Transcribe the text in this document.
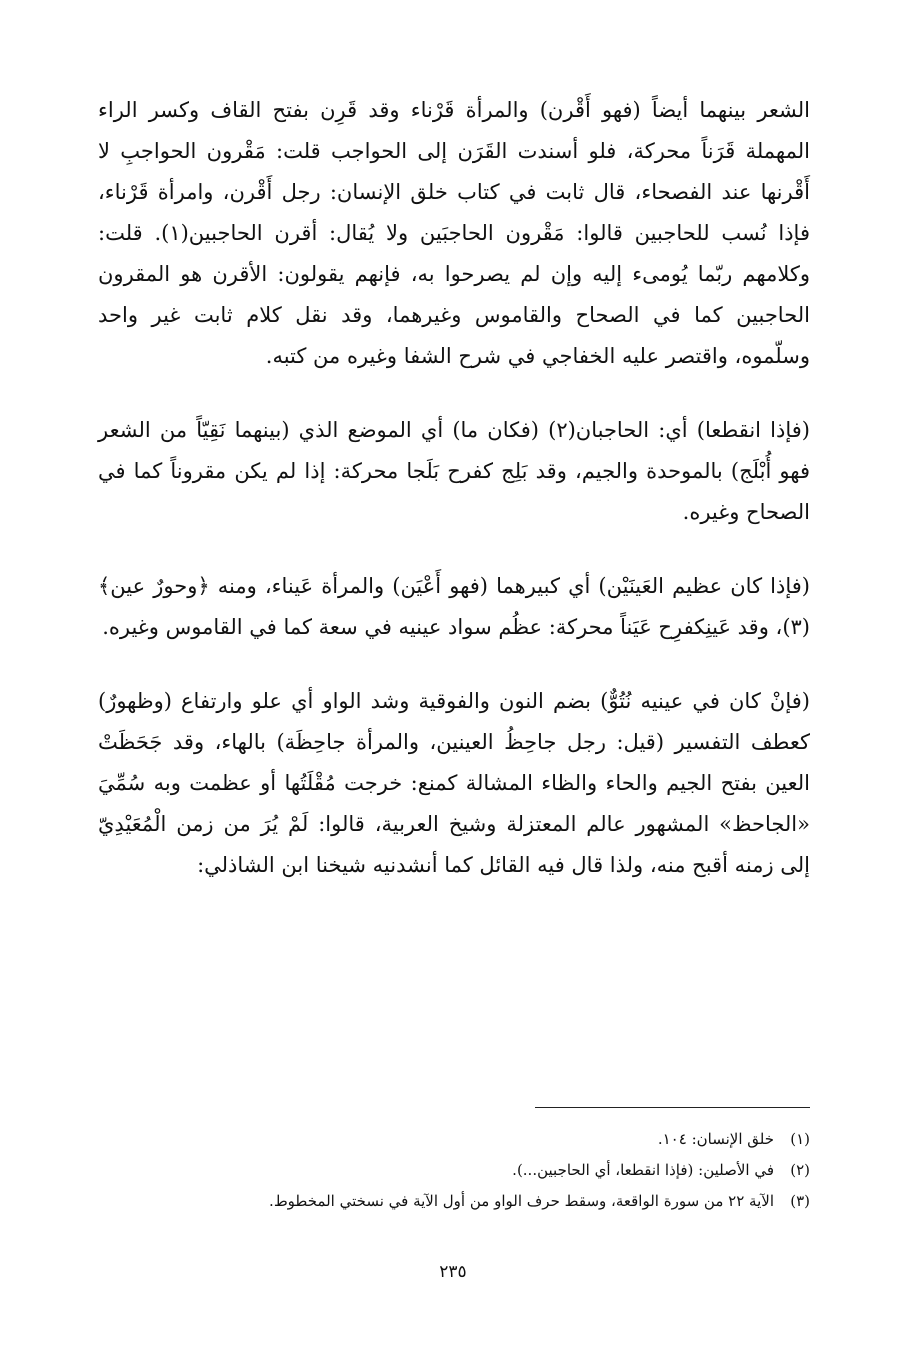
الشعر بينهما أيضاً (فهو أَقْرن) والمرأة قَرْناء وقد قَرِن بفتح القاف وكسر الراء المهملة قَرَناً محركة، فلو أسندت القَرَن إلى الحواجب قلت: مَقْرون الحواجبِ لا أَقْرنها عند الفصحاء، قال ثابت في كتاب خلق الإنسان: رجل أَقْرن، وامرأة قَرْناء، فإذا نُسب للحاجبين قالوا: مَقْرون الحاجبَين ولا يُقال: أقرن الحاجبين(١). قلت: وكلامهم ربّما يُومىء إليه وإن لم يصرحوا به، فإنهم يقولون: الأقرن هو المقرون الحاجبين كما في الصحاح والقاموس وغيرهما، وقد نقل كلام ثابت غير واحد وسلّموه، واقتصر عليه الخفاجي في شرح الشفا وغيره من كتبه.

(فإذا انقطعا) أي: الحاجبان(٢) (فكان ما) أي الموضع الذي (بينهما نَقِيّاً من الشعر فهو أُبْلَج) بالموحدة والجيم، وقد بَلِج كفرح بَلَجا محركة: إذا لم يكن مقروناً كما في الصحاح وغيره.

(فإذا كان عظيم العَينَيْن) أي كبيرهما (فهو أَعْيَن) والمرأة عَيناء، ومنه ﴿وحورٌ عين﴾(٣)، وقد عَينِكفرِح عَيَناً محركة: عظُم سواد عينيه في سعة كما في القاموس وغيره.

(فإنْ كان في عينيه نُتُوٌّ) بضم النون والفوقية وشد الواو أي علو وارتفاع (وظهورٌ) كعطف التفسير (قيل: رجل جاحِظُ العينين، والمرأة جاحِظَة) بالهاء، وقد جَحَظَتْ العين بفتح الجيم والحاء والظاء المشالة كمنع: خرجت مُقْلَتُها أو عظمت وبه سُمِّيَ «الجاحظ» المشهور عالم المعتزلة وشيخ العربية، قالوا: لَمْ يُرَ من زمن الْمُعَيْدِيّ إلى زمنه أقبح منه، ولذا قال فيه القائل كما أنشدنيه شيخنا ابن الشاذلي:

(١)خلق الإنسان: ١٠٤.
(٢)في الأصلين: (فإذا انقطعا، أي الحاجبين...).
(٣)الآية ٢٢ من سورة الواقعة، وسقط حرف الواو من أول الآية في نسختي المخطوط.
٢٣٥
